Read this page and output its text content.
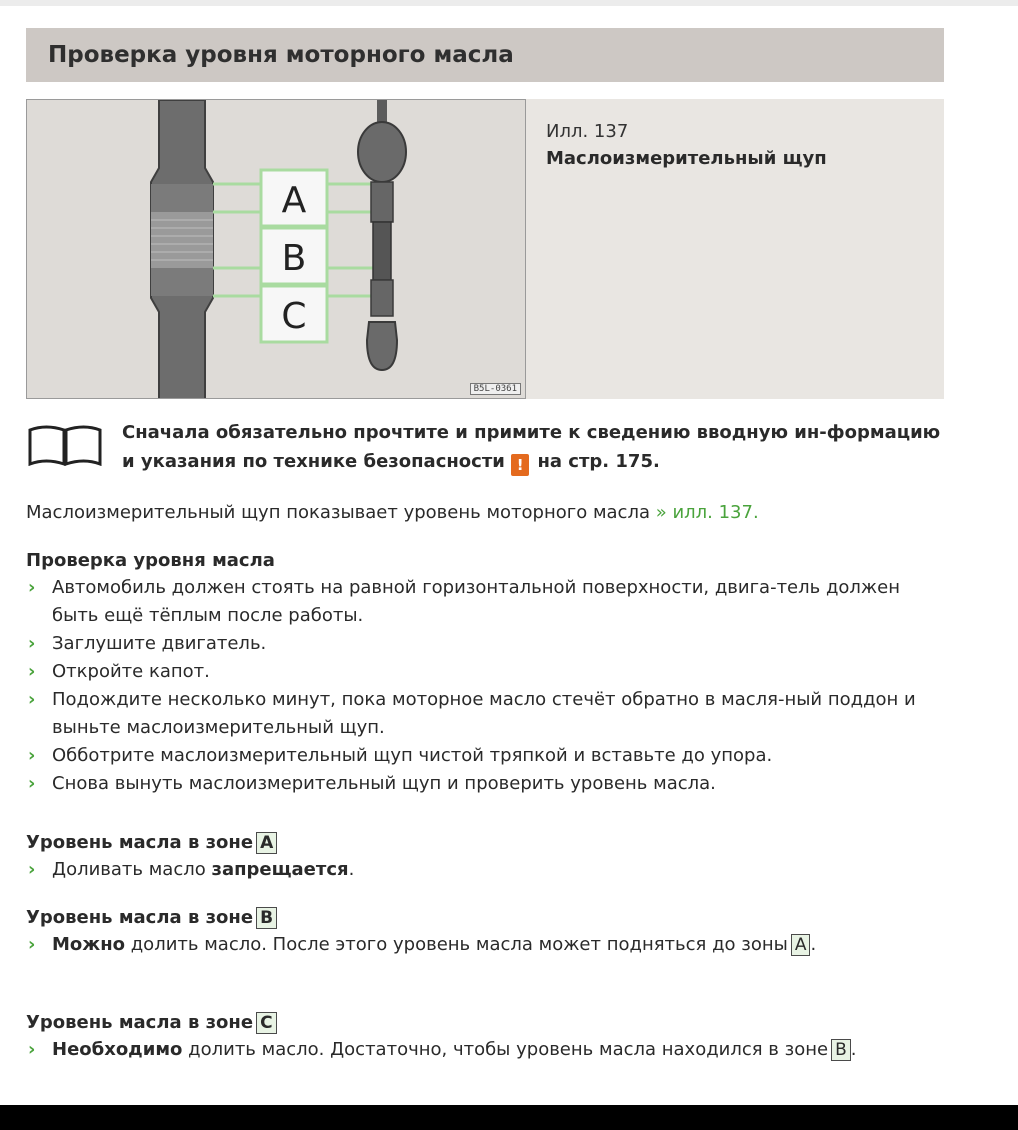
Проверка уровня моторного масла
A
B
C
B5L-0361
Илл. 137
Маслоизмерительный щуп
Сначала обязательно прочтите и примите к сведению вводную ин-формацию и указания по технике безопасности ! на стр. 175.
Маслоизмерительный щуп показывает уровень моторного масла » илл. 137.
Проверка уровня масла
› Автомобиль должен стоять на равной горизонтальной поверхности, двига-тель должен быть ещё тёплым после работы.
› Заглушите двигатель.
› Откройте капот.
› Подождите несколько минут, пока моторное масло стечёт обратно в масля-ный поддон и выньте маслоизмерительный щуп.
› Обботрите маслоизмерительный щуп чистой тряпкой и вставьте до упора.
› Снова вынуть маслоизмерительный щуп и проверить уровень масла.
Уровень масла в зоне A
› Доливать масло запрещается.
Уровень масла в зоне B
› Можно долить масло. После этого уровень масла может подняться до зоны A .
Уровень масла в зоне C
› Необходимо долить масло. Достаточно, чтобы уровень масла находился в зоне B .
